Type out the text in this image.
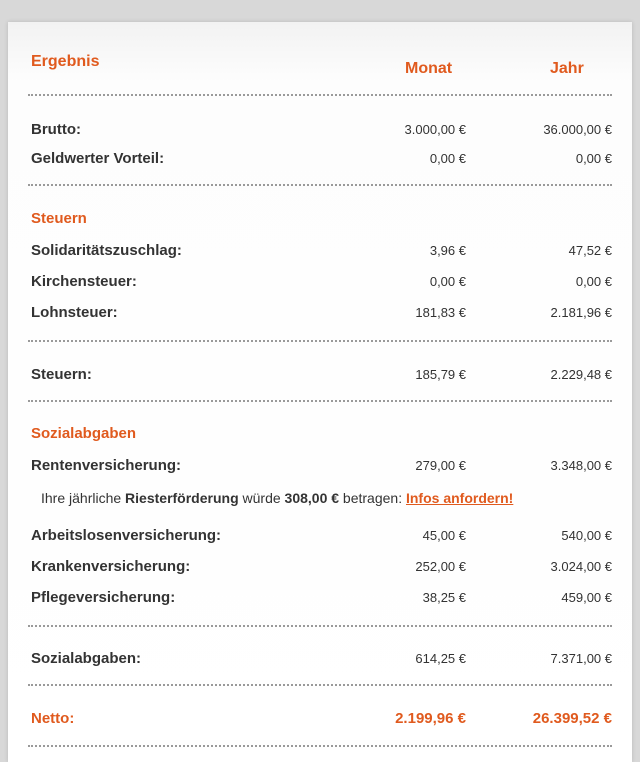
Ergebnis	Monat	Jahr
Brutto:	3.000,00 €	36.000,00 €
Geldwerter Vorteil:	0,00 €	0,00 €
Steuern
Solidaritätszuschlag:	3,96 €	47,52 €
Kirchensteuer:	0,00 €	0,00 €
Lohnsteuer:	181,83 €	2.181,96 €
Steuern:	185,79 €	2.229,48 €
Sozialabgaben
Rentenversicherung:	279,00 €	3.348,00 €
Ihre jährliche Riesterförderung würde 308,00 € betragen: Infos anfordern!
Arbeitslosenversicherung:	45,00 €	540,00 €
Krankenversicherung:	252,00 €	3.024,00 €
Pflegeversicherung:	38,25 €	459,00 €
Sozialabgaben:	614,25 €	7.371,00 €
Netto:	2.199,96 €	26.399,52 €
